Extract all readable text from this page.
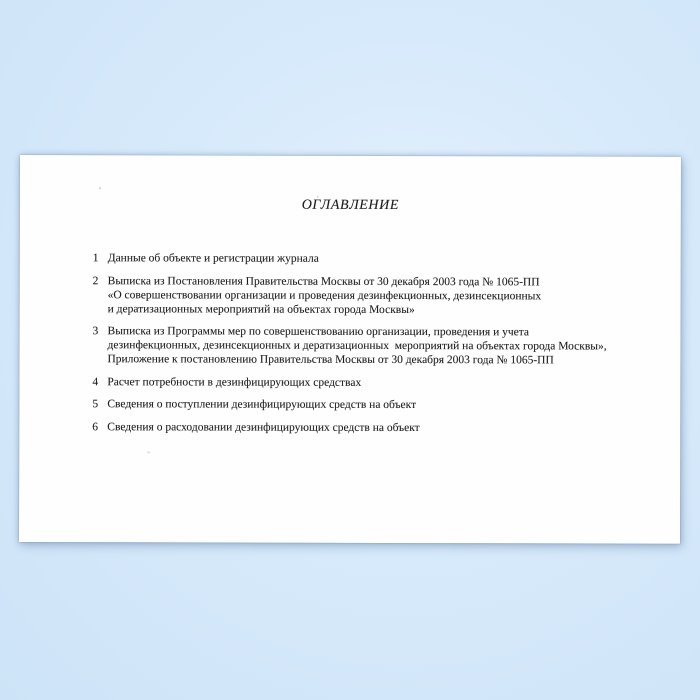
ОГЛАВЛЕНИЕ
1 Данные об объекте и регистрации журнала
2 Выписка из Постановления Правительства Москвы от 30 декабря 2003 года № 1065-ПП
«О совершенствовании организации и проведения дезинфекционных, дезинсекционных
и дератизационных мероприятий на объектах города Москвы»
3 Выписка из Программы мер по совершенствованию организации, проведения и учета
дезинфекционных, дезинсекционных и дератизационных  мероприятий на объектах города Москвы»,
Приложение к постановлению Правительства Москвы от 30 декабря 2003 года № 1065-ПП
4 Расчет потребности в дезинфицирующих средствах
5 Сведения о поступлении дезинфицирующих средств на объект
6 Сведения о расходовании дезинфицирующих средств на объект
